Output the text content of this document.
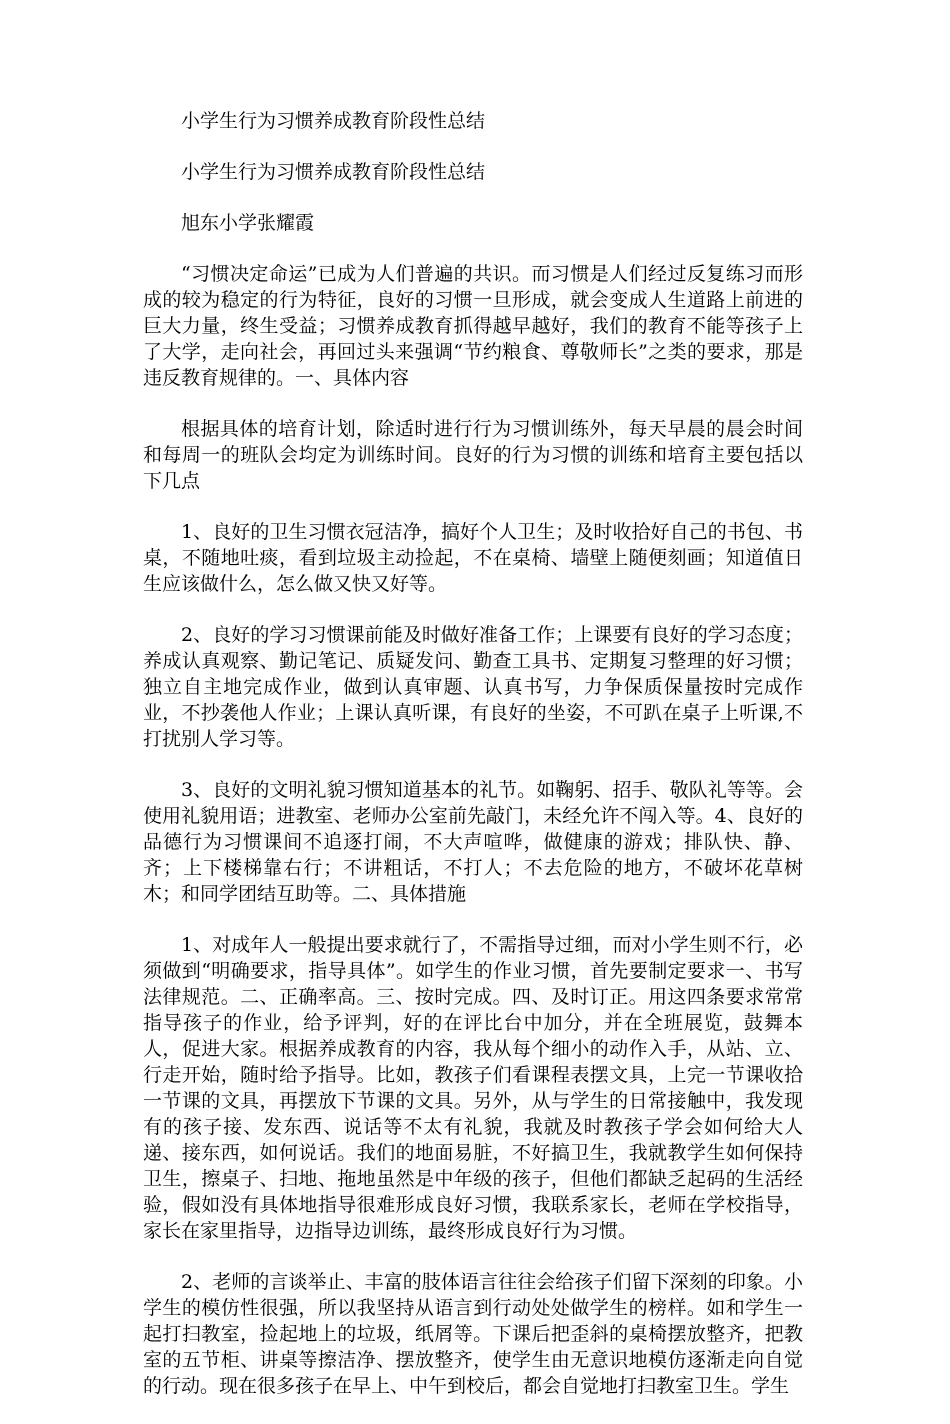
小学生行为习惯养成教育阶段性总结
小学生行为习惯养成教育阶段性总结
旭东小学张耀霞
“习惯决定命运”已成为人们普遍的共识。而习惯是人们经过反复练习而形成的较为稳定的行为特征，良好的习惯一旦形成，就会变成人生道路上前进的巨大力量，终生受益；习惯养成教育抓得越早越好，我们的教育不能等孩子上了大学，走向社会，再回过头来强调“节约粮食、尊敬师长”之类的要求，那是违反教育规律的。一、具体内容
根据具体的培育计划，除适时进行行为习惯训练外，每天早晨的晨会时间和每周一的班队会均定为训练时间。良好的行为习惯的训练和培育主要包括以下几点
1、良好的卫生习惯衣冠洁净，搞好个人卫生；及时收拾好自己的书包、书桌，不随地吐痰，看到垃圾主动捡起，不在桌椅、墙壁上随便刻画；知道值日生应该做什么，怎么做又快又好等。
2、良好的学习习惯课前能及时做好准备工作；上课要有良好的学习态度；养成认真观察、勤记笔记、质疑发问、勤查工具书、定期复习整理的好习惯；独立自主地完成作业，做到认真审题、认真书写，力争保质保量按时完成作业，不抄袭他人作业；上课认真听课，有良好的坐姿，不可趴在桌子上听课,不打扰别人学习等。
3、良好的文明礼貌习惯知道基本的礼节。如鞠躬、招手、敬队礼等等。会使用礼貌用语；进教室、老师办公室前先敲门，未经允许不闯入等。4、良好的品德行为习惯课间不追逐打闹，不大声喧哗，做健康的游戏；排队快、静、齐；上下楼梯靠右行；不讲粗话，不打人；不去危险的地方，不破坏花草树木；和同学团结互助等。二、具体措施
1、对成年人一般提出要求就行了，不需指导过细，而对小学生则不行，必须做到“明确要求，指导具体”。如学生的作业习惯，首先要制定要求一、书写法律规范。二、正确率高。三、按时完成。四、及时订正。用这四条要求常常指导孩子的作业，给予评判，好的在评比台中加分，并在全班展览，鼓舞本人，促进大家。根据养成教育的内容，我从每个细小的动作入手，从站、立、行走开始，随时给予指导。比如，教孩子们看课程表摆文具，上完一节课收拾一节课的文具，再摆放下节课的文具。另外，从与学生的日常接触中，我发现有的孩子接、发东西、说话等不太有礼貌，我就及时教孩子学会如何给大人递、接东西，如何说话。我们的地面易脏，不好搞卫生，我就教学生如何保持卫生，擦桌子、扫地、拖地虽然是中年级的孩子，但他们都缺乏起码的生活经验，假如没有具体地指导很难形成良好习惯，我联系家长，老师在学校指导，家长在家里指导，边指导边训练，最终形成良好行为习惯。
2、老师的言谈举止、丰富的肢体语言往往会给孩子们留下深刻的印象。小学生的模仿性很强，所以我坚持从语言到行动处处做学生的榜样。如和学生一起打扫教室，捡起地上的垃圾，纸屑等。下课后把歪斜的桌椅摆放整齐，把教室的五节柜、讲桌等擦洁净、摆放整齐，使学生由无意识地模仿逐渐走向自觉的行动。现在很多孩子在早上、中午到校后，都会自觉地打扫教室卫生。学生
